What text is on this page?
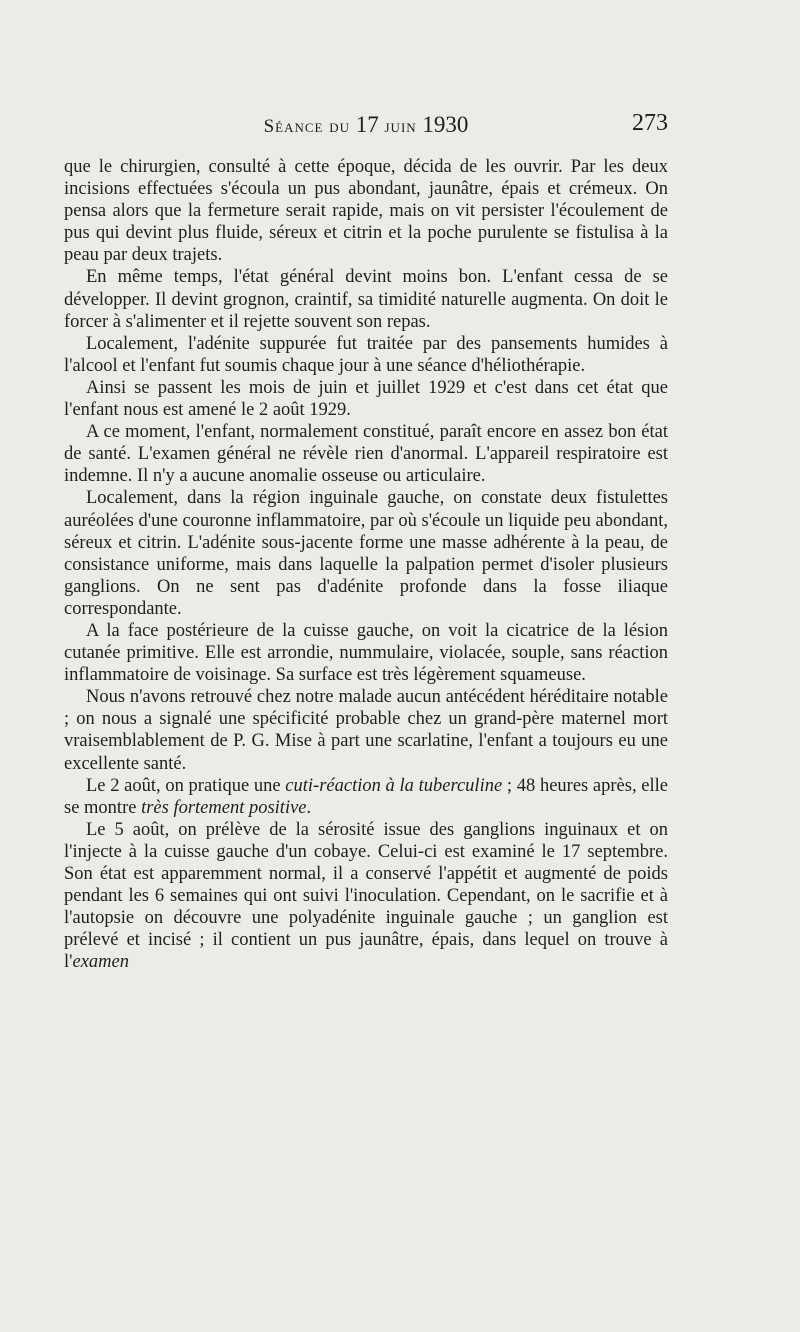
Séance du 17 juin 1930	273

que le chirurgien, consulté à cette époque, décida de les ouvrir. Par les deux incisions effectuées s'écoula un pus abondant, jaunâtre, épais et crémeux. On pensa alors que la fermeture serait rapide, mais on vit persister l'écoulement de pus qui devint plus fluide, séreux et citrin et la poche purulente se fistulisa à la peau par deux trajets.

En même temps, l'état général devint moins bon. L'enfant cessa de se développer. Il devint grognon, craintif, sa timidité naturelle augmenta. On doit le forcer à s'alimenter et il rejette souvent son repas.

Localement, l'adénite suppurée fut traitée par des pansements humides à l'alcool et l'enfant fut soumis chaque jour à une séance d'héliothérapie.

Ainsi se passent les mois de juin et juillet 1929 et c'est dans cet état que l'enfant nous est amené le 2 août 1929.

A ce moment, l'enfant, normalement constitué, paraît encore en assez bon état de santé. L'examen général ne révèle rien d'anormal. L'appareil respiratoire est indemne. Il n'y a aucune anomalie osseuse ou articulaire.

Localement, dans la région inguinale gauche, on constate deux fistulettes auréolées d'une couronne inflammatoire, par où s'écoule un liquide peu abondant, séreux et citrin. L'adénite sous-jacente forme une masse adhérente à la peau, de consistance uniforme, mais dans laquelle la palpation permet d'isoler plusieurs ganglions. On ne sent pas d'adénite profonde dans la fosse iliaque correspondante.

A la face postérieure de la cuisse gauche, on voit la cicatrice de la lésion cutanée primitive. Elle est arrondie, nummulaire, violacée, souple, sans réaction inflammatoire de voisinage. Sa surface est très légèrement squameuse.

Nous n'avons retrouvé chez notre malade aucun antécédent héréditaire notable ; on nous a signalé une spécificité probable chez un grand-père maternel mort vraisemblablement de P. G. Mise à part une scarlatine, l'enfant a toujours eu une excellente santé.

Le 2 août, on pratique une cuti-réaction à la tuberculine ; 48 heures après, elle se montre très fortement positive.

Le 5 août, on prélève de la sérosité issue des ganglions inguinaux et on l'injecte à la cuisse gauche d'un cobaye. Celui-ci est examiné le 17 septembre. Son état est apparemment normal, il a conservé l'appétit et augmenté de poids pendant les 6 semaines qui ont suivi l'inoculation. Cependant, on le sacrifie et à l'autopsie on découvre une polyadénite inguinale gauche ; un ganglion est prélevé et incisé ; il contient un pus jaunâtre, épais, dans lequel on trouve à l'examen
